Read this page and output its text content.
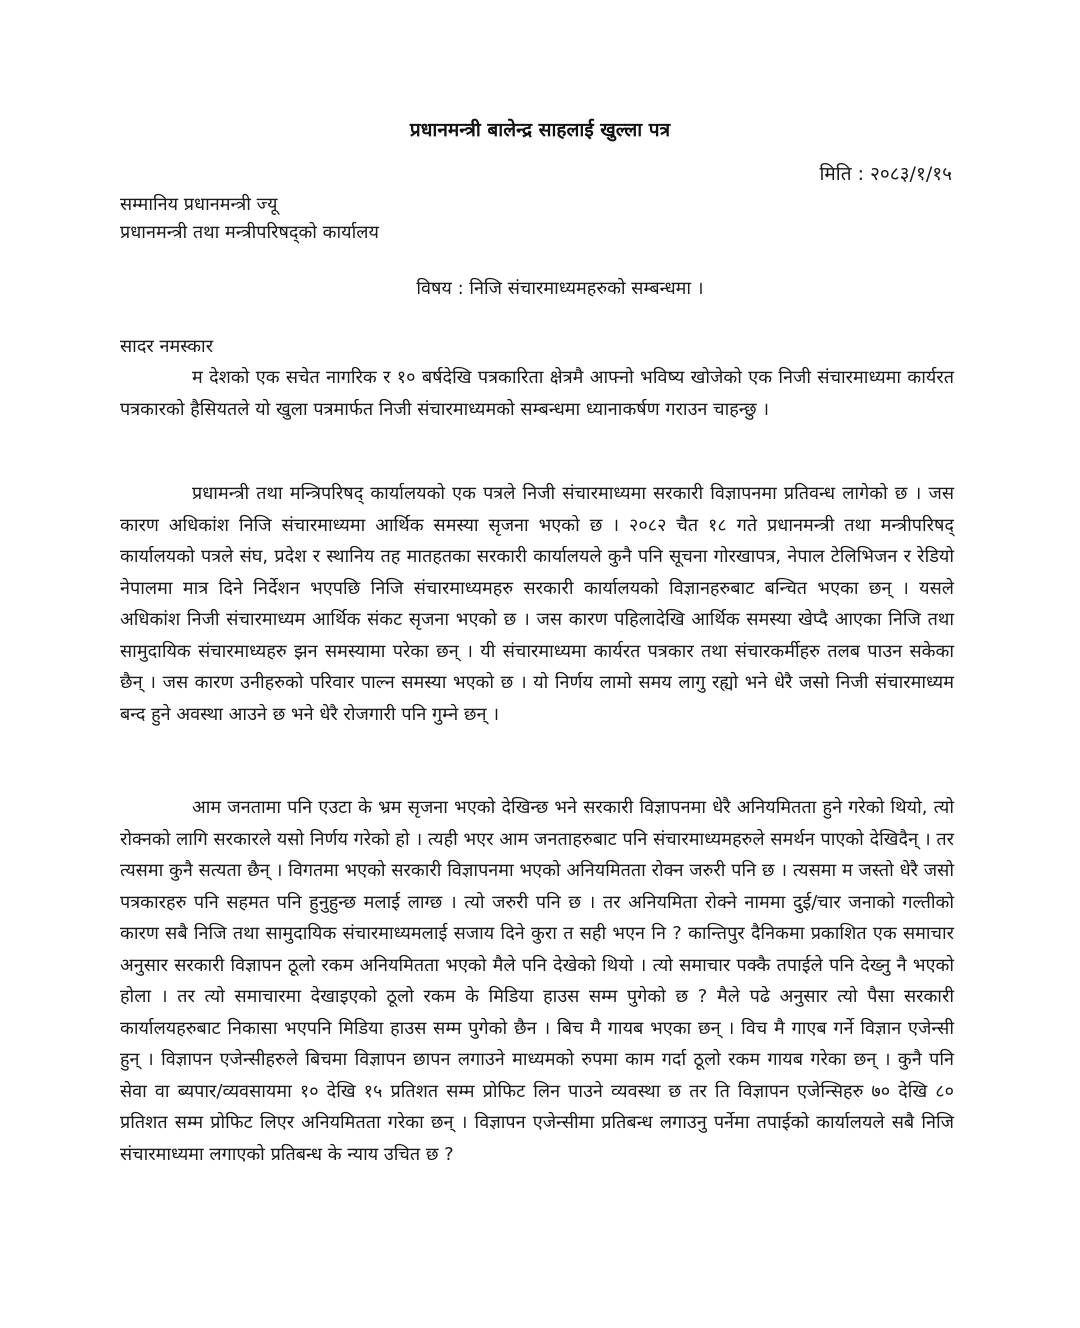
प्रधानमन्त्री बालेन्द्र साहलाई खुल्ला पत्र
मिति : २०८३/१/१५
सम्मानिय प्रधानमन्त्री ज्यू
प्रधानमन्त्री तथा मन्त्रीपरिषद्को कार्यालय
विषय : निजि संचारमाध्यमहरुको सम्बन्धमा ।
सादर नमस्कार

म देशको एक सचेत नागरिक र १० बर्षदेखि पत्रकारिता क्षेत्रमै आफ्नो भविष्य खोजेको एक निजी संचारमाध्यमा कार्यरत पत्रकारको हैसियतले यो खुला पत्रमार्फत निजी संचारमाध्यमको सम्बन्धमा ध्यानाकर्षण गराउन चाहन्छु ।

प्रधामन्त्री तथा मन्त्रिपरिषद् कार्यालयको एक पत्रले निजी संचारमाध्यमा सरकारी विज्ञापनमा प्रतिवन्ध लागेको छ । जस कारण अधिकांश निजि संचारमाध्यमा आर्थिक समस्या सृजना भएको छ । २०८२ चैत १८ गते प्रधानमन्त्री तथा मन्त्रीपरिषद् कार्यालयको पत्रले संघ, प्रदेश र स्थानिय तह मातहतका सरकारी कार्यालयले कुनै पनि सूचना गोरखापत्र, नेपाल टेलिभिजन र रेडियो नेपालमा मात्र दिने निर्देशन भएपछि निजि संचारमाध्यमहरु सरकारी कार्यालयको विज्ञानहरुबाट बन्चित भएका छन् । यसले अधिकांश निजी संचारमाध्यम आर्थिक संकट सृजना भएको छ । जस कारण पहिलादेखि आर्थिक समस्या खेप्दै आएका निजि तथा सामुदायिक संचारमाध्यहरु झन समस्यामा परेका छन् । यी संचारमाध्यमा कार्यरत पत्रकार तथा संचारकर्मीहरु तलब पाउन सकेका छैन् । जस कारण उनीहरुको परिवार पाल्न समस्या भएको छ । यो निर्णय लामो समय लागु रह्यो भने धेरै जसो निजी संचारमाध्यम बन्द हुने अवस्था आउने छ भने धेरै रोजगारी पनि गुम्ने छन् ।

आम जनतामा पनि एउटा के भ्रम सृजना भएको देखिन्छ भने सरकारी विज्ञापनमा धेरै अनियमितता हुने गरेको थियो, त्यो रोक्नको लागि सरकारले यसो निर्णय गरेको हो । त्यही भएर आम जनताहरुबाट पनि संचारमाध्यमहरुले समर्थन पाएको देखिदैन् । तर त्यसमा कुनै सत्यता छैन् । विगतमा भएको सरकारी विज्ञापनमा भएको अनियमितता रोक्न जरुरी पनि छ । त्यसमा म जस्तो धेरै जसो पत्रकारहरु पनि सहमत पनि हुनुहुन्छ मलाई लाग्छ । त्यो जरुरी पनि छ । तर अनियमिता रोक्ने नाममा दुई/चार जनाको गल्तीको कारण सबै निजि तथा सामुदायिक संचारमाध्यमलाई सजाय दिने कुरा त सही भएन नि ? कान्तिपुर दैनिकमा प्रकाशित एक समाचार अनुसार सरकारी विज्ञापन ठूलो रकम अनियमितता भएको मैले पनि देखेको थियो । त्यो समाचार पक्कै तपाईले पनि देख्नु नै भएको होला । तर त्यो समाचारमा देखाइएको ठूलो रकम के मिडिया हाउस सम्म पुगेको छ ? मैले पढे अनुसार त्यो पैसा सरकारी कार्यालयहरुबाट निकासा भएपनि मिडिया हाउस सम्म पुगेको छैन । बिच मै गायब भएका छन् । विच मै गाएब गर्ने विज्ञान एजेन्सी हुन् । विज्ञापन एजेन्सीहरुले बिचमा विज्ञापन छापन लगाउने माध्यमको रुपमा काम गर्दा ठूलो रकम गायब गरेका छन् । कुनै पनि सेवा वा ब्यपार/व्यवसायमा १० देखि १५ प्रतिशत सम्म प्रोफिट लिन पाउने व्यवस्था छ तर ति विज्ञापन एजेन्सिहरु ७० देखि ८० प्रतिशत सम्म प्रोफिट लिएर अनियमितता गरेका छन् । विज्ञापन एजेन्सीमा प्रतिबन्ध लगाउनु पर्नेमा तपाईको कार्यालयले सबै निजि संचारमाध्यमा लगाएको प्रतिबन्ध के न्याय उचित छ ?
